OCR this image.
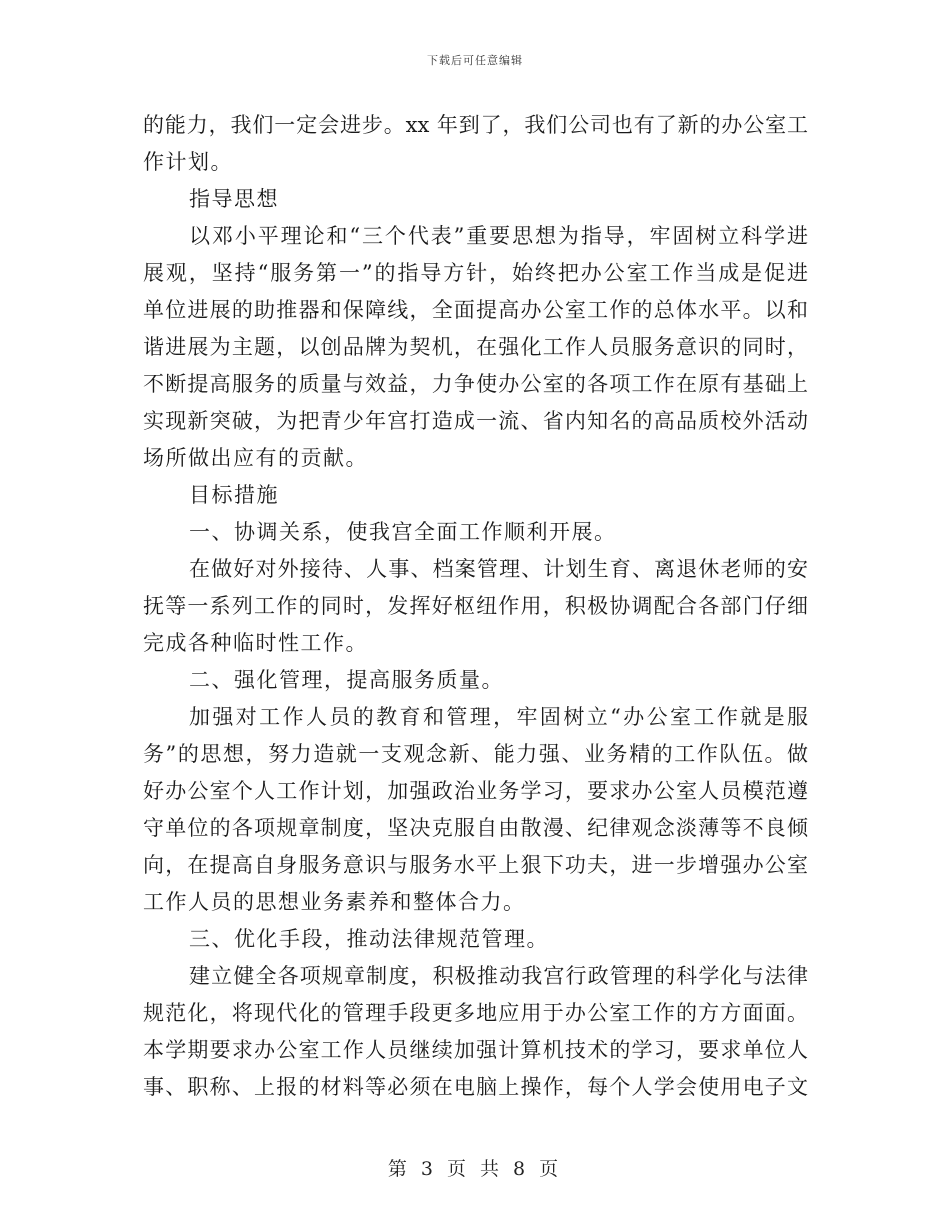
下载后可任意编辑
的能力，我们一定会进步。xx 年到了，我们公司也有了新的办公室工
作计划。
指导思想
以邓小平理论和“三个代表”重要思想为指导，牢固树立科学进
展观，坚持“服务第一”的指导方针，始终把办公室工作当成是促进
单位进展的助推器和保障线，全面提高办公室工作的总体水平。以和
谐进展为主题，以创品牌为契机，在强化工作人员服务意识的同时，
不断提高服务的质量与效益，力争使办公室的各项工作在原有基础上
实现新突破，为把青少年宫打造成一流、省内知名的高品质校外活动
场所做出应有的贡献。
目标措施
一、协调关系，使我宫全面工作顺利开展。
在做好对外接待、人事、档案管理、计划生育、离退休老师的安
抚等一系列工作的同时，发挥好枢纽作用，积极协调配合各部门仔细
完成各种临时性工作。
二、强化管理，提高服务质量。
加强对工作人员的教育和管理，牢固树立“办公室工作就是服
务”的思想，努力造就一支观念新、能力强、业务精的工作队伍。做
好办公室个人工作计划，加强政治业务学习，要求办公室人员模范遵
守单位的各项规章制度，坚决克服自由散漫、纪律观念淡薄等不良倾
向，在提高自身服务意识与服务水平上狠下功夫，进一步增强办公室
工作人员的思想业务素养和整体合力。
三、优化手段，推动法律规范管理。
建立健全各项规章制度，积极推动我宫行政管理的科学化与法律
规范化，将现代化的管理手段更多地应用于办公室工作的方方面面。
本学期要求办公室工作人员继续加强计算机技术的学习，要求单位人
事、职称、上报的材料等必须在电脑上操作，每个人学会使用电子文
第 3 页 共 8 页
